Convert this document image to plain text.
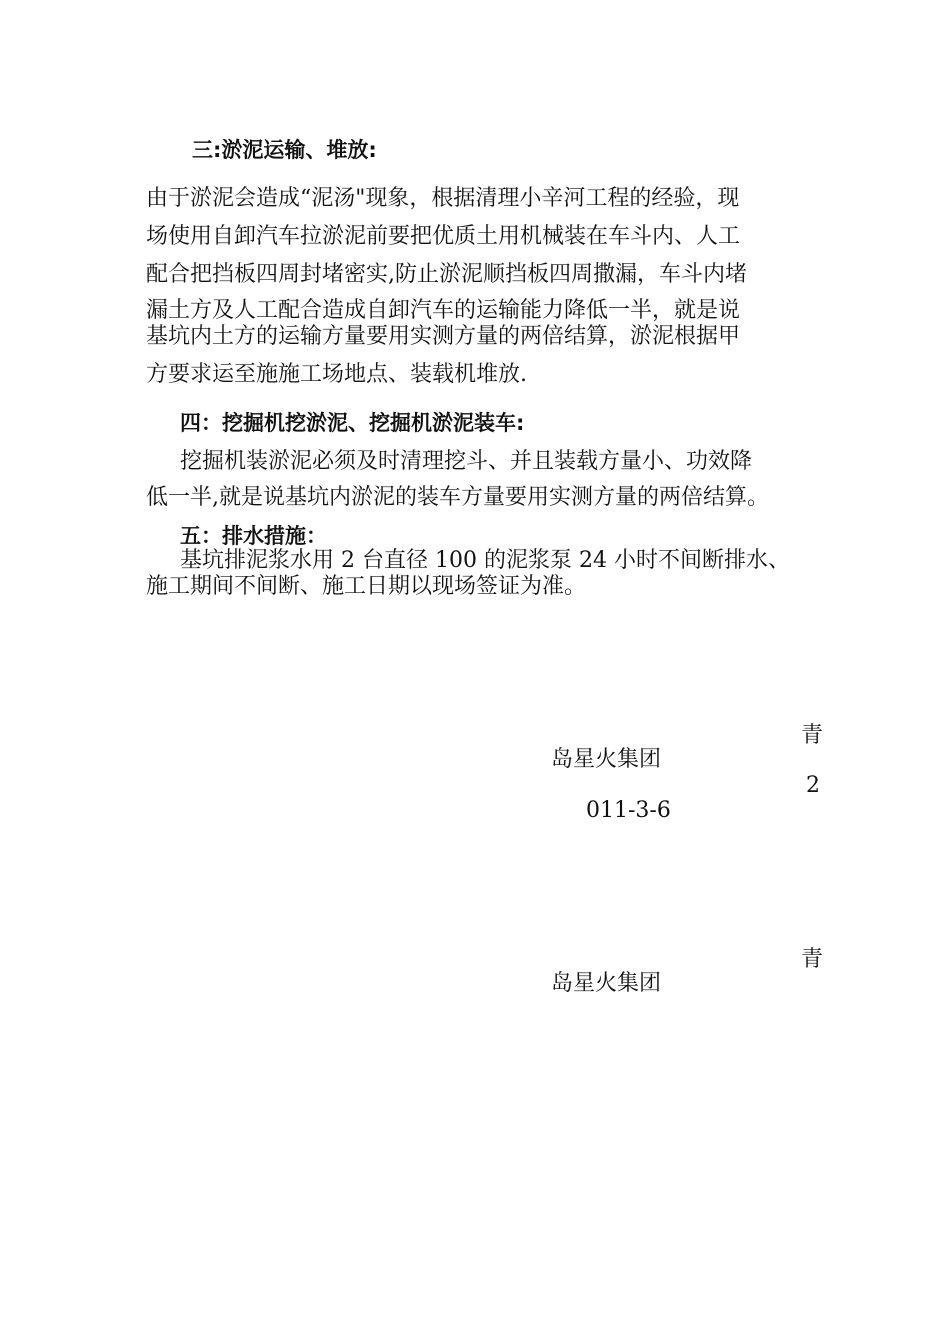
三:淤泥运输、堆放:
由于淤泥会造成“泥汤"现象，根据清理小辛河工程的经验，现
场使用自卸汽车拉淤泥前要把优质土用机械装在车斗内、人工
配合把挡板四周封堵密实,防止淤泥顺挡板四周撒漏，车斗内堵
漏土方及人工配合造成自卸汽车的运输能力降低一半，就是说
基坑内土方的运输方量要用实测方量的两倍结算，淤泥根据甲
方要求运至施施工场地点、装载机堆放.
四：挖掘机挖淤泥、挖掘机淤泥装车:
挖掘机装淤泥必须及时清理挖斗、并且装载方量小、功效降
低一半,就是说基坑内淤泥的装车方量要用实测方量的两倍结算。
五：排水措施：
基坑排泥浆水用 2 台直径 100 的泥浆泵 24 小时不间断排水、
施工期间不间断、施工日期以现场签证为准。
青
岛星火集团
2
011-3-6
青
岛星火集团
